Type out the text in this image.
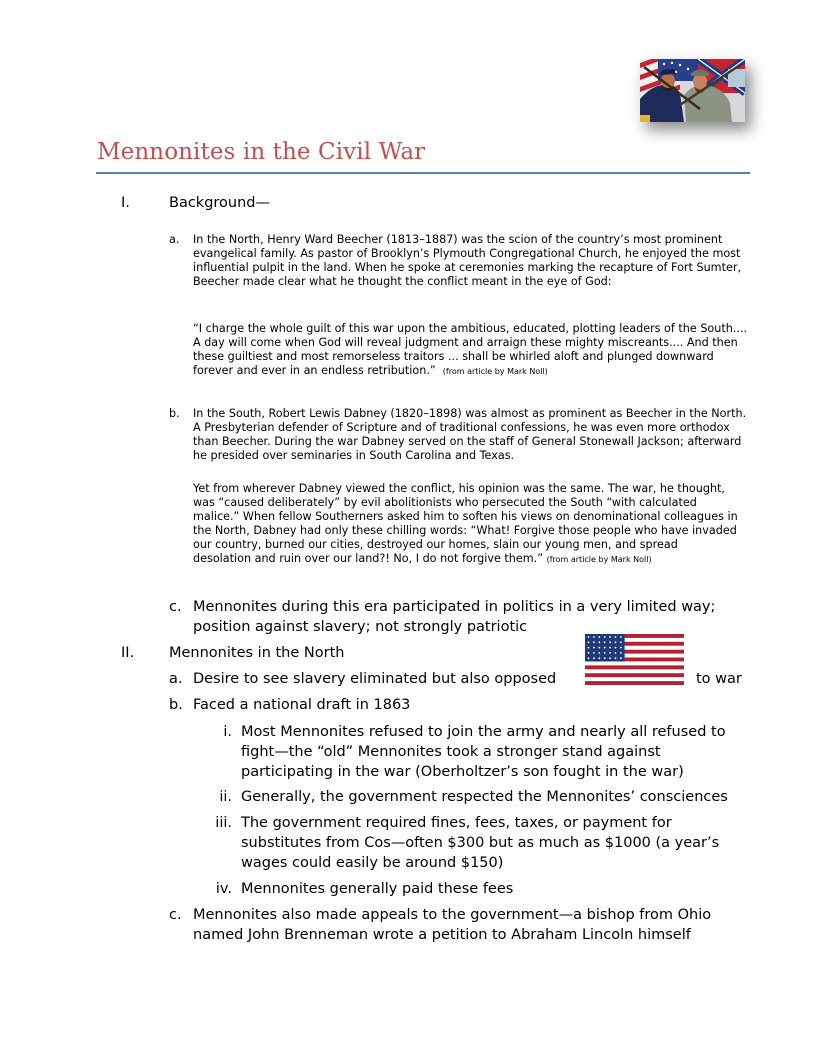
Mennonites in the Civil War
I.	Background—
a. In the North, Henry Ward Beecher (1813–1887) was the scion of the country’s most prominent evangelical family. As pastor of Brooklyn’s Plymouth Congregational Church, he enjoyed the most influential pulpit in the land. When he spoke at ceremonies marking the recapture of Fort Sumter, Beecher made clear what he thought the conflict meant in the eye of God:
“I charge the whole guilt of this war upon the ambitious, educated, plotting leaders of the South.... A day will come when God will reveal judgment and arraign these mighty miscreants.... And then these guiltiest and most remorseless traitors ... shall be whirled aloft and plunged downward forever and ever in an endless retribution.” (from article by Mark Noll)
b. In the South, Robert Lewis Dabney (1820–1898) was almost as prominent as Beecher in the North. A Presbyterian defender of Scripture and of traditional confessions, he was even more orthodox than Beecher. During the war Dabney served on the staff of General Stonewall Jackson; afterward he presided over seminaries in South Carolina and Texas.
Yet from wherever Dabney viewed the conflict, his opinion was the same. The war, he thought, was “caused deliberately” by evil abolitionists who persecuted the South “with calculated malice.” When fellow Southerners asked him to soften his views on denominational colleagues in the North, Dabney had only these chilling words: “What! Forgive those people who have invaded our country, burned our cities, destroyed our homes, slain our young men, and spread desolation and ruin over our land?! No, I do not forgive them.” (from article by Mark Noll)
c. Mennonites during this era participated in politics in a very limited way; position against slavery; not strongly patriotic
II. Mennonites in the North
a. Desire to see slavery eliminated but also opposed	to war
b. Faced a national draft in 1863
i. Most Mennonites refused to join the army and nearly all refused to fight—the “old” Mennonites took a stronger stand against participating in the war (Oberholtzer’s son fought in the war)
ii. Generally, the government respected the Mennonites’ consciences
iii. The government required fines, fees, taxes, or payment for substitutes from Cos—often $300 but as much as $1000 (a year’s wages could easily be around $150)
iv. Mennonites generally paid these fees
c. Mennonites also made appeals to the government—a bishop from Ohio named John Brenneman wrote a petition to Abraham Lincoln himself
